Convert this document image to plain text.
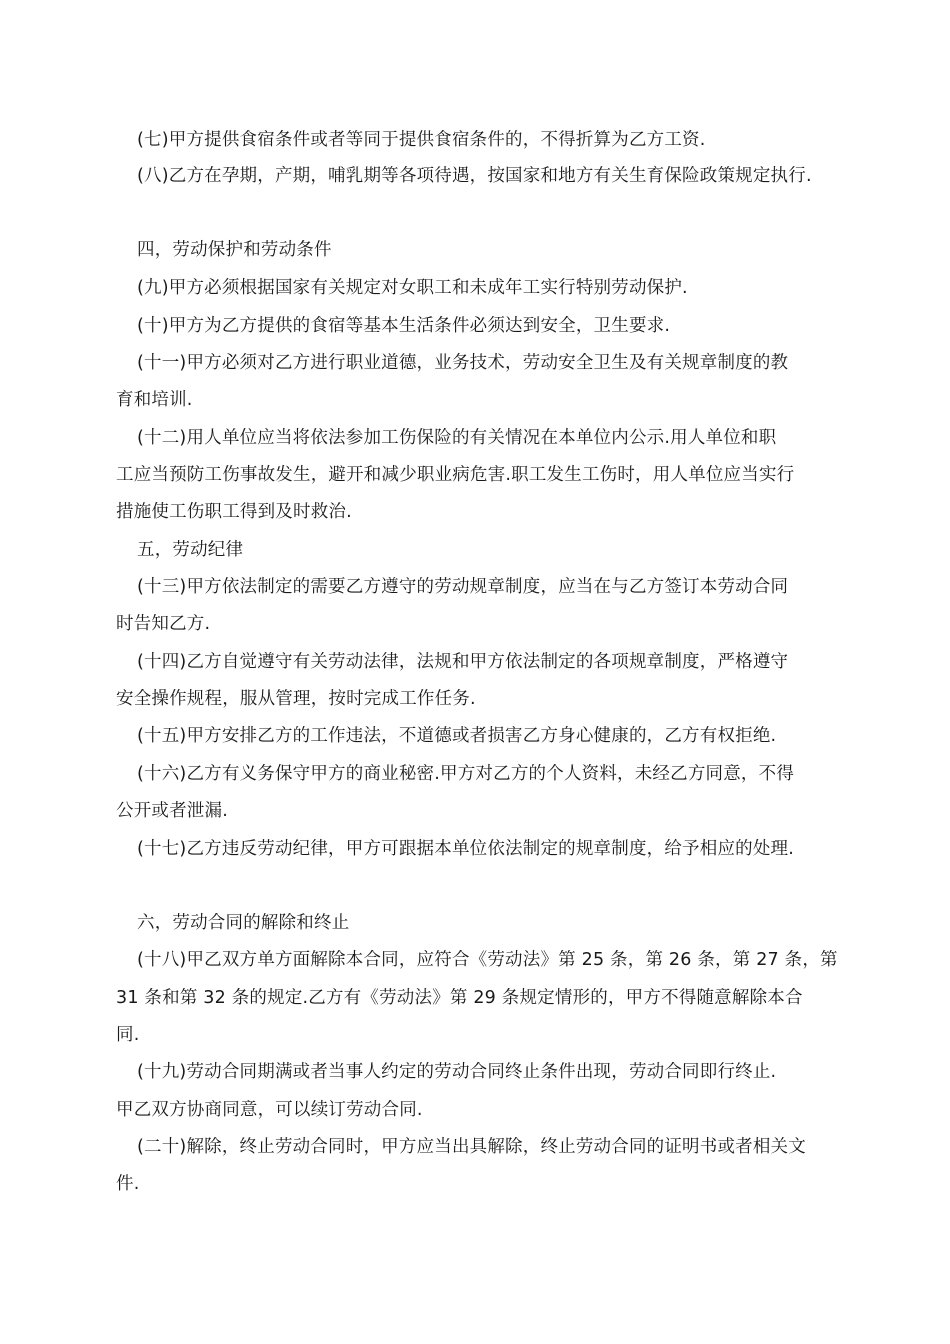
(七)甲方提供食宿条件或者等同于提供食宿条件的，不得折算为乙方工资.
(八)乙方在孕期，产期，哺乳期等各项待遇，按国家和地方有关生育保险政策规定执行.
四，劳动保护和劳动条件
(九)甲方必须根据国家有关规定对女职工和未成年工实行特别劳动保护.
(十)甲方为乙方提供的食宿等基本生活条件必须达到安全，卫生要求.
(十一)甲方必须对乙方进行职业道德，业务技术，劳动安全卫生及有关规章制度的教
育和培训.
(十二)用人单位应当将依法参加工伤保险的有关情况在本单位内公示.用人单位和职
工应当预防工伤事故发生，避开和减少职业病危害.职工发生工伤时，用人单位应当实行
措施使工伤职工得到及时救治.
五，劳动纪律
(十三)甲方依法制定的需要乙方遵守的劳动规章制度，应当在与乙方签订本劳动合同
时告知乙方.
(十四)乙方自觉遵守有关劳动法律，法规和甲方依法制定的各项规章制度，严格遵守
安全操作规程，服从管理，按时完成工作任务.
(十五)甲方安排乙方的工作违法，不道德或者损害乙方身心健康的，乙方有权拒绝.
(十六)乙方有义务保守甲方的商业秘密.甲方对乙方的个人资料，未经乙方同意，不得
公开或者泄漏.
(十七)乙方违反劳动纪律，甲方可跟据本单位依法制定的规章制度，给予相应的处理.
六，劳动合同的解除和终止
(十八)甲乙双方单方面解除本合同，应符合《劳动法》第 25 条，第 26 条，第 27 条，第
31 条和第 32 条的规定.乙方有《劳动法》第 29 条规定情形的，甲方不得随意解除本合
同.
(十九)劳动合同期满或者当事人约定的劳动合同终止条件出现，劳动合同即行终止.
甲乙双方协商同意，可以续订劳动合同.
(二十)解除，终止劳动合同时，甲方应当出具解除，终止劳动合同的证明书或者相关文
件.
